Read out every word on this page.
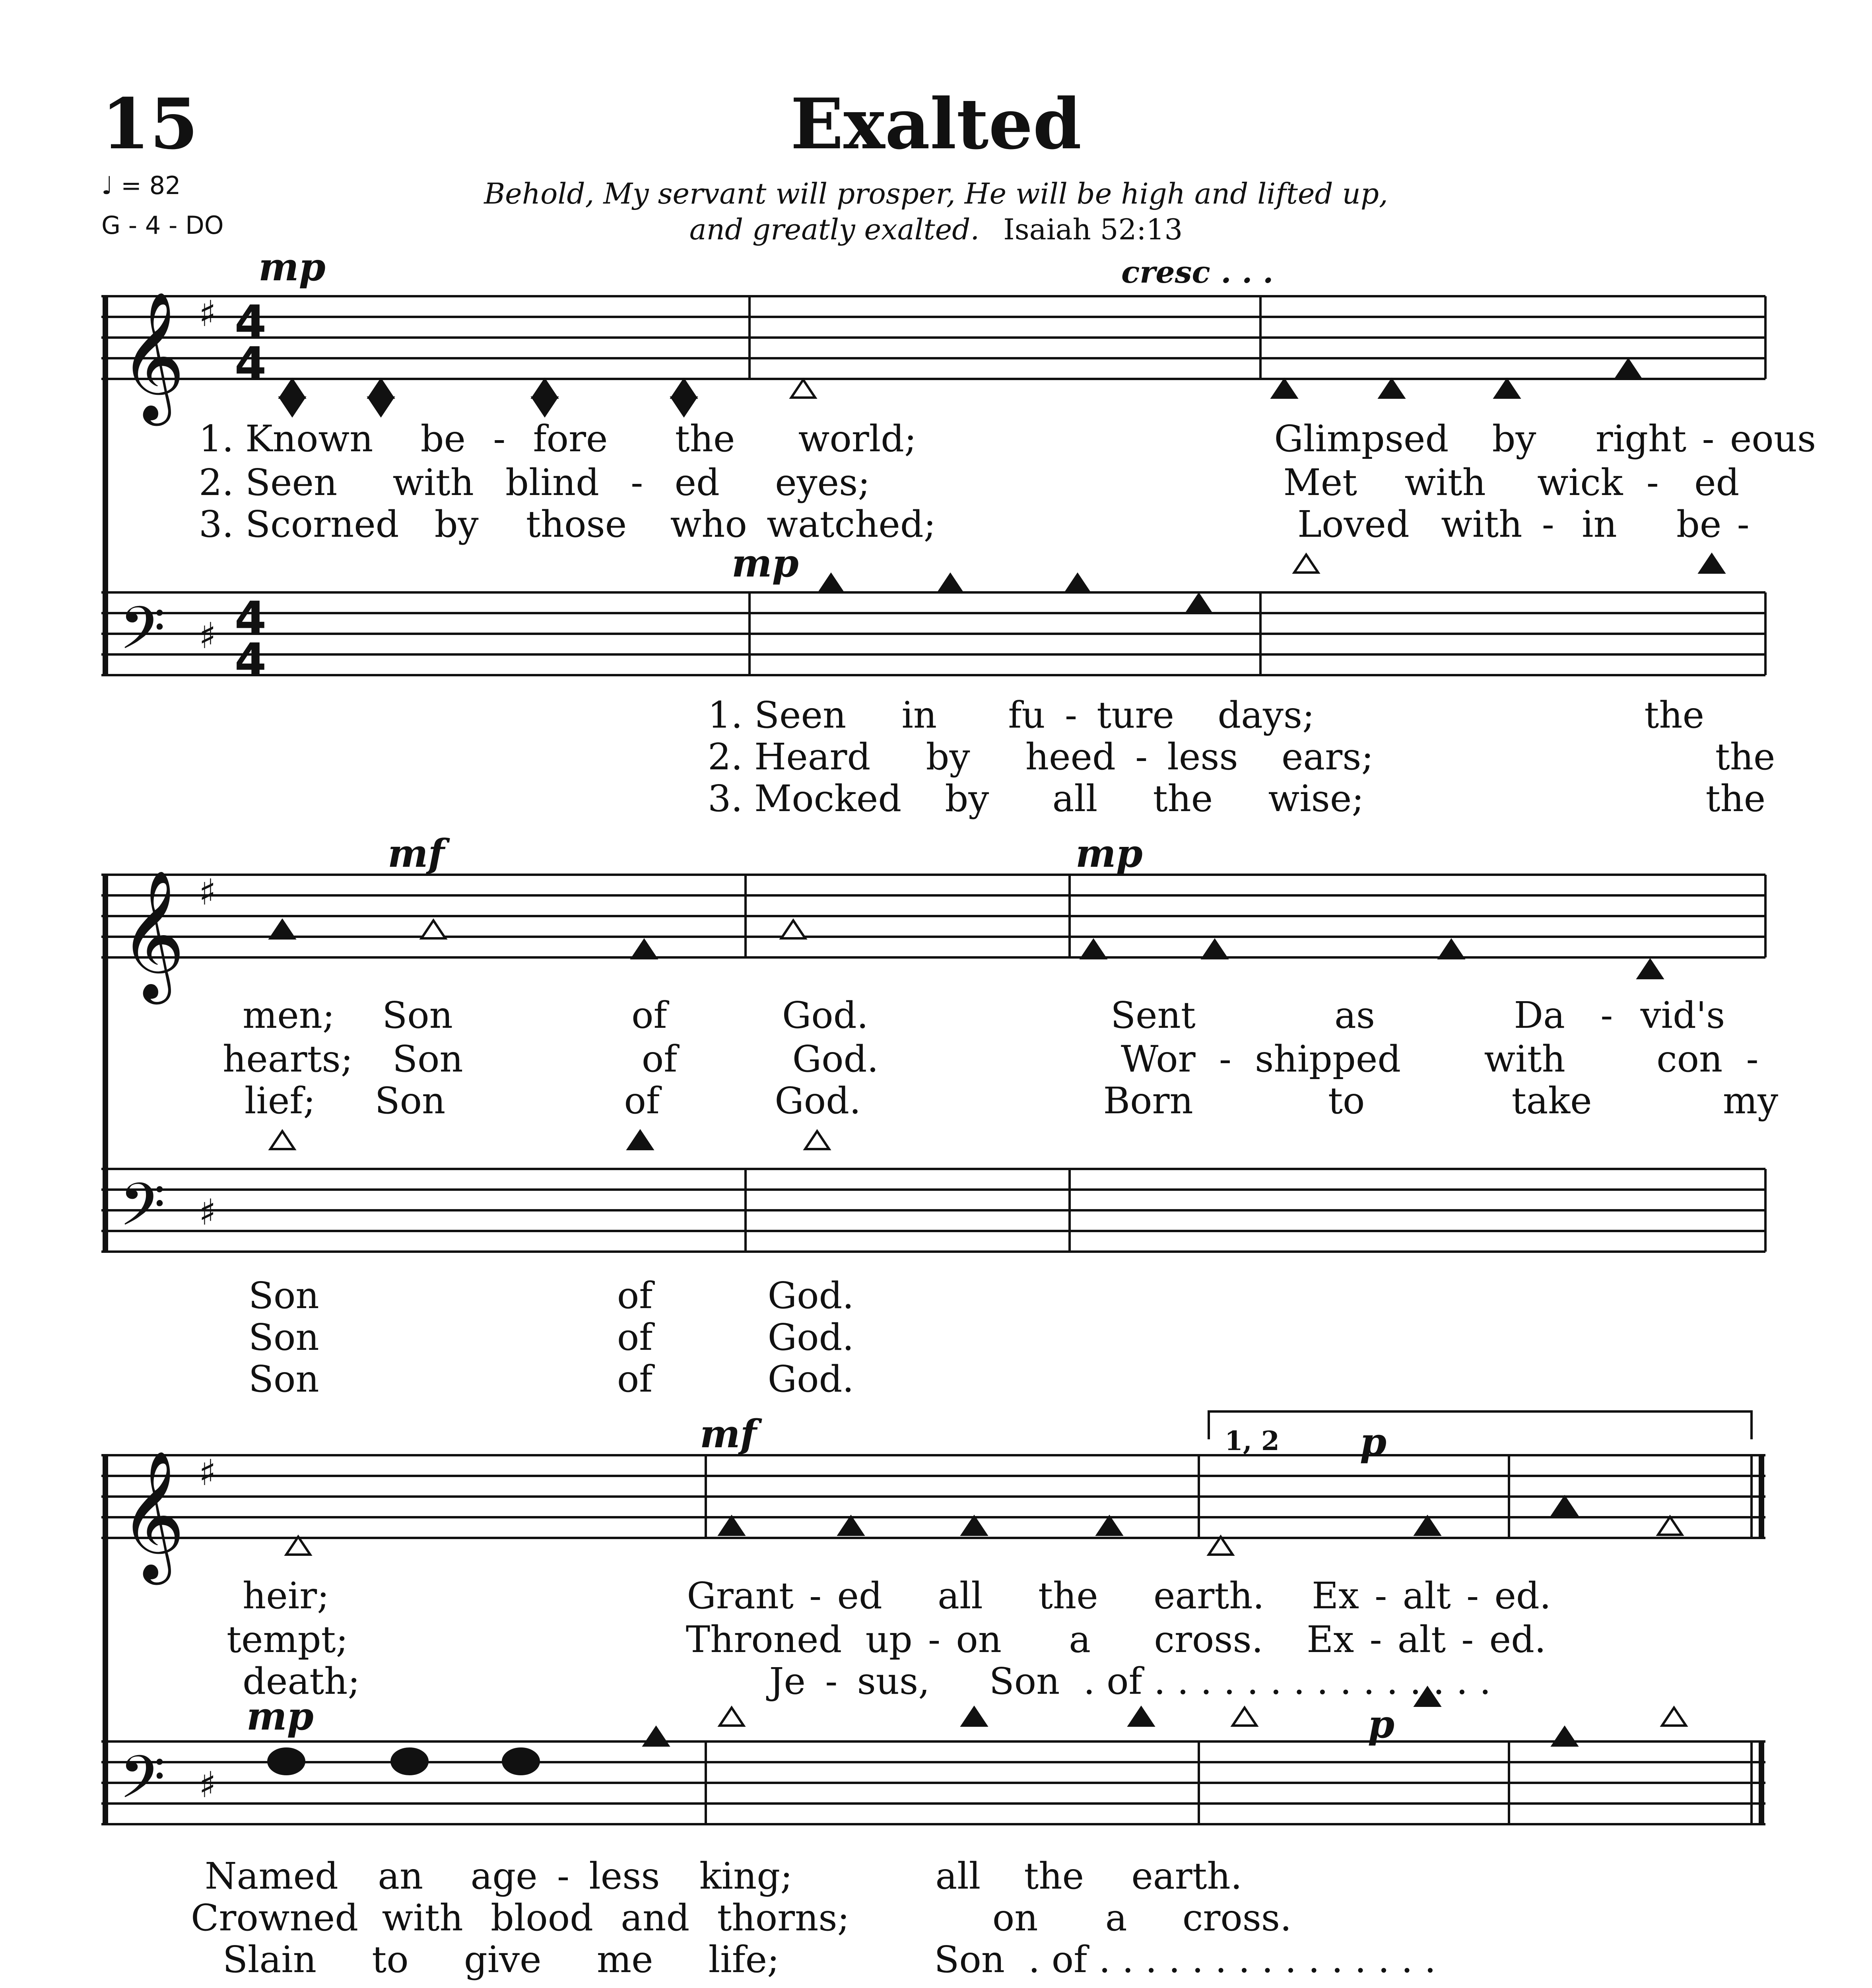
15	Exalted
♩ = 82
G - 4 - DO
Behold, My servant will prosper, He will be high and lifted up,
and greatly exalted. Isaiah 52:13
𝄞
𝄢
𝄞
𝄢
𝄞
𝄢
♯
♯
♯
♯
♯
♯
4
4
4
4
mp	cresc . . .
mp
mf	mp
mf	p
mp	p
1, 2
1. Known be - fore the world;	Glimpsed by right - eous
2. Seen with blind - ed eyes;	Met with wick - ed
3. Scorned by those who watched;	Loved with - in be -
1. Seen in fu - ture days;	the
2. Heard by heed - less ears;	the
3. Mocked by all the wise;	the
men; Son	of	God.	Sent	as	Da - vid's
hearts; Son	of	God.	Wor - shipped with con -
lief; Son	of	God.	Born	to	take	my
Son	of	God.
Son	of	God.
Son	of	God.
heir;	Grant - ed all the earth. Ex - alt - ed.
tempt;	Throned up - on a cross. Ex - alt - ed.
death;	Je - sus, Son . of . . . . . . . . . . . . . . .
Named an age - less king;	all the earth.
Crowned with blood and thorns;	on a cross.
Slain to give me life;	Son . of . . . . . . . . . . . . . . .
